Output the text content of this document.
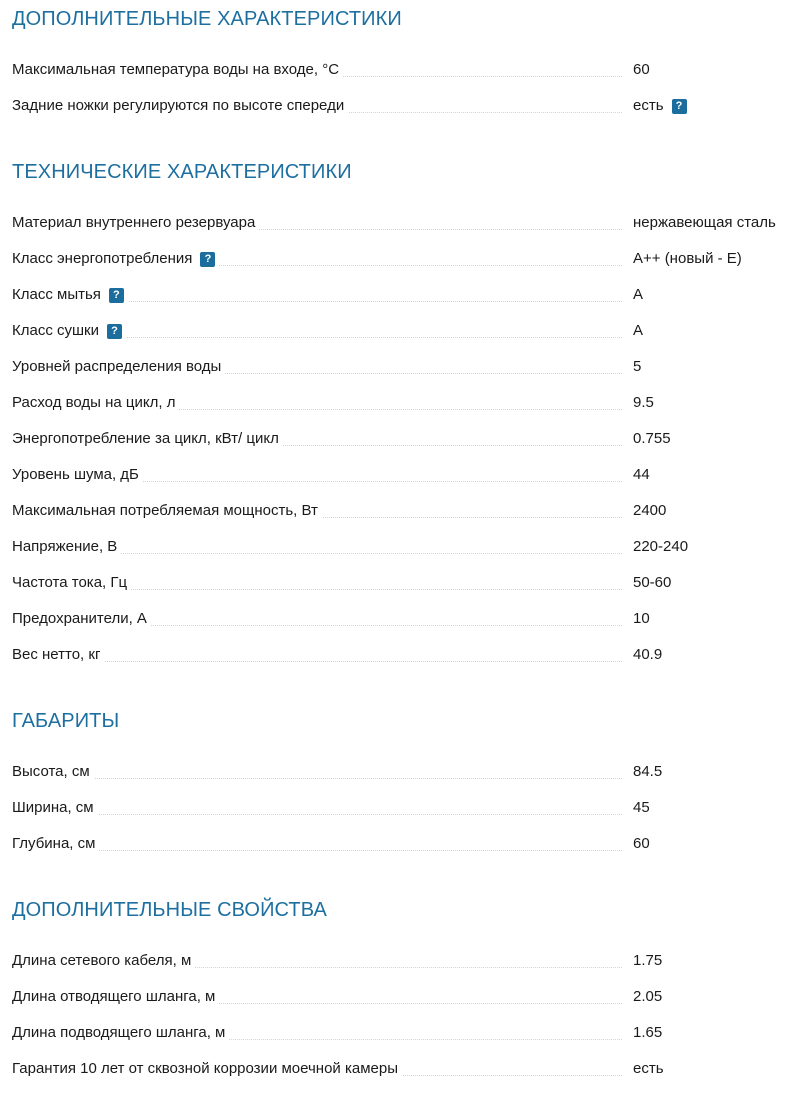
ДОПОЛНИТЕЛЬНЫЕ ХАРАКТЕРИСТИКИ
Максимальная температура воды на входе, °C	60
Задние ножки регулируются по высоте спереди	есть ?
ТЕХНИЧЕСКИЕ ХАРАКТЕРИСТИКИ
Материал внутреннего резервуара	нержавеющая сталь
Класс энергопотребления ?	A++ (новый - E)
Класс мытья ?	A
Класс сушки ?	A
Уровней распределения воды	5
Расход воды на цикл, л	9.5
Энергопотребление за цикл, кВт/ цикл	0.755
Уровень шума, дБ	44
Максимальная потребляемая мощность, Вт	2400
Напряжение, В	220-240
Частота тока, Гц	50-60
Предохранители, А	10
Вес нетто, кг	40.9
ГАБАРИТЫ
Высота, см	84.5
Ширина, см	45
Глубина, см	60
ДОПОЛНИТЕЛЬНЫЕ СВОЙСТВА
Длина сетевого кабеля, м	1.75
Длина отводящего шланга, м	2.05
Длина подводящего шланга, м	1.65
Гарантия 10 лет от сквозной коррозии моечной камеры	есть
